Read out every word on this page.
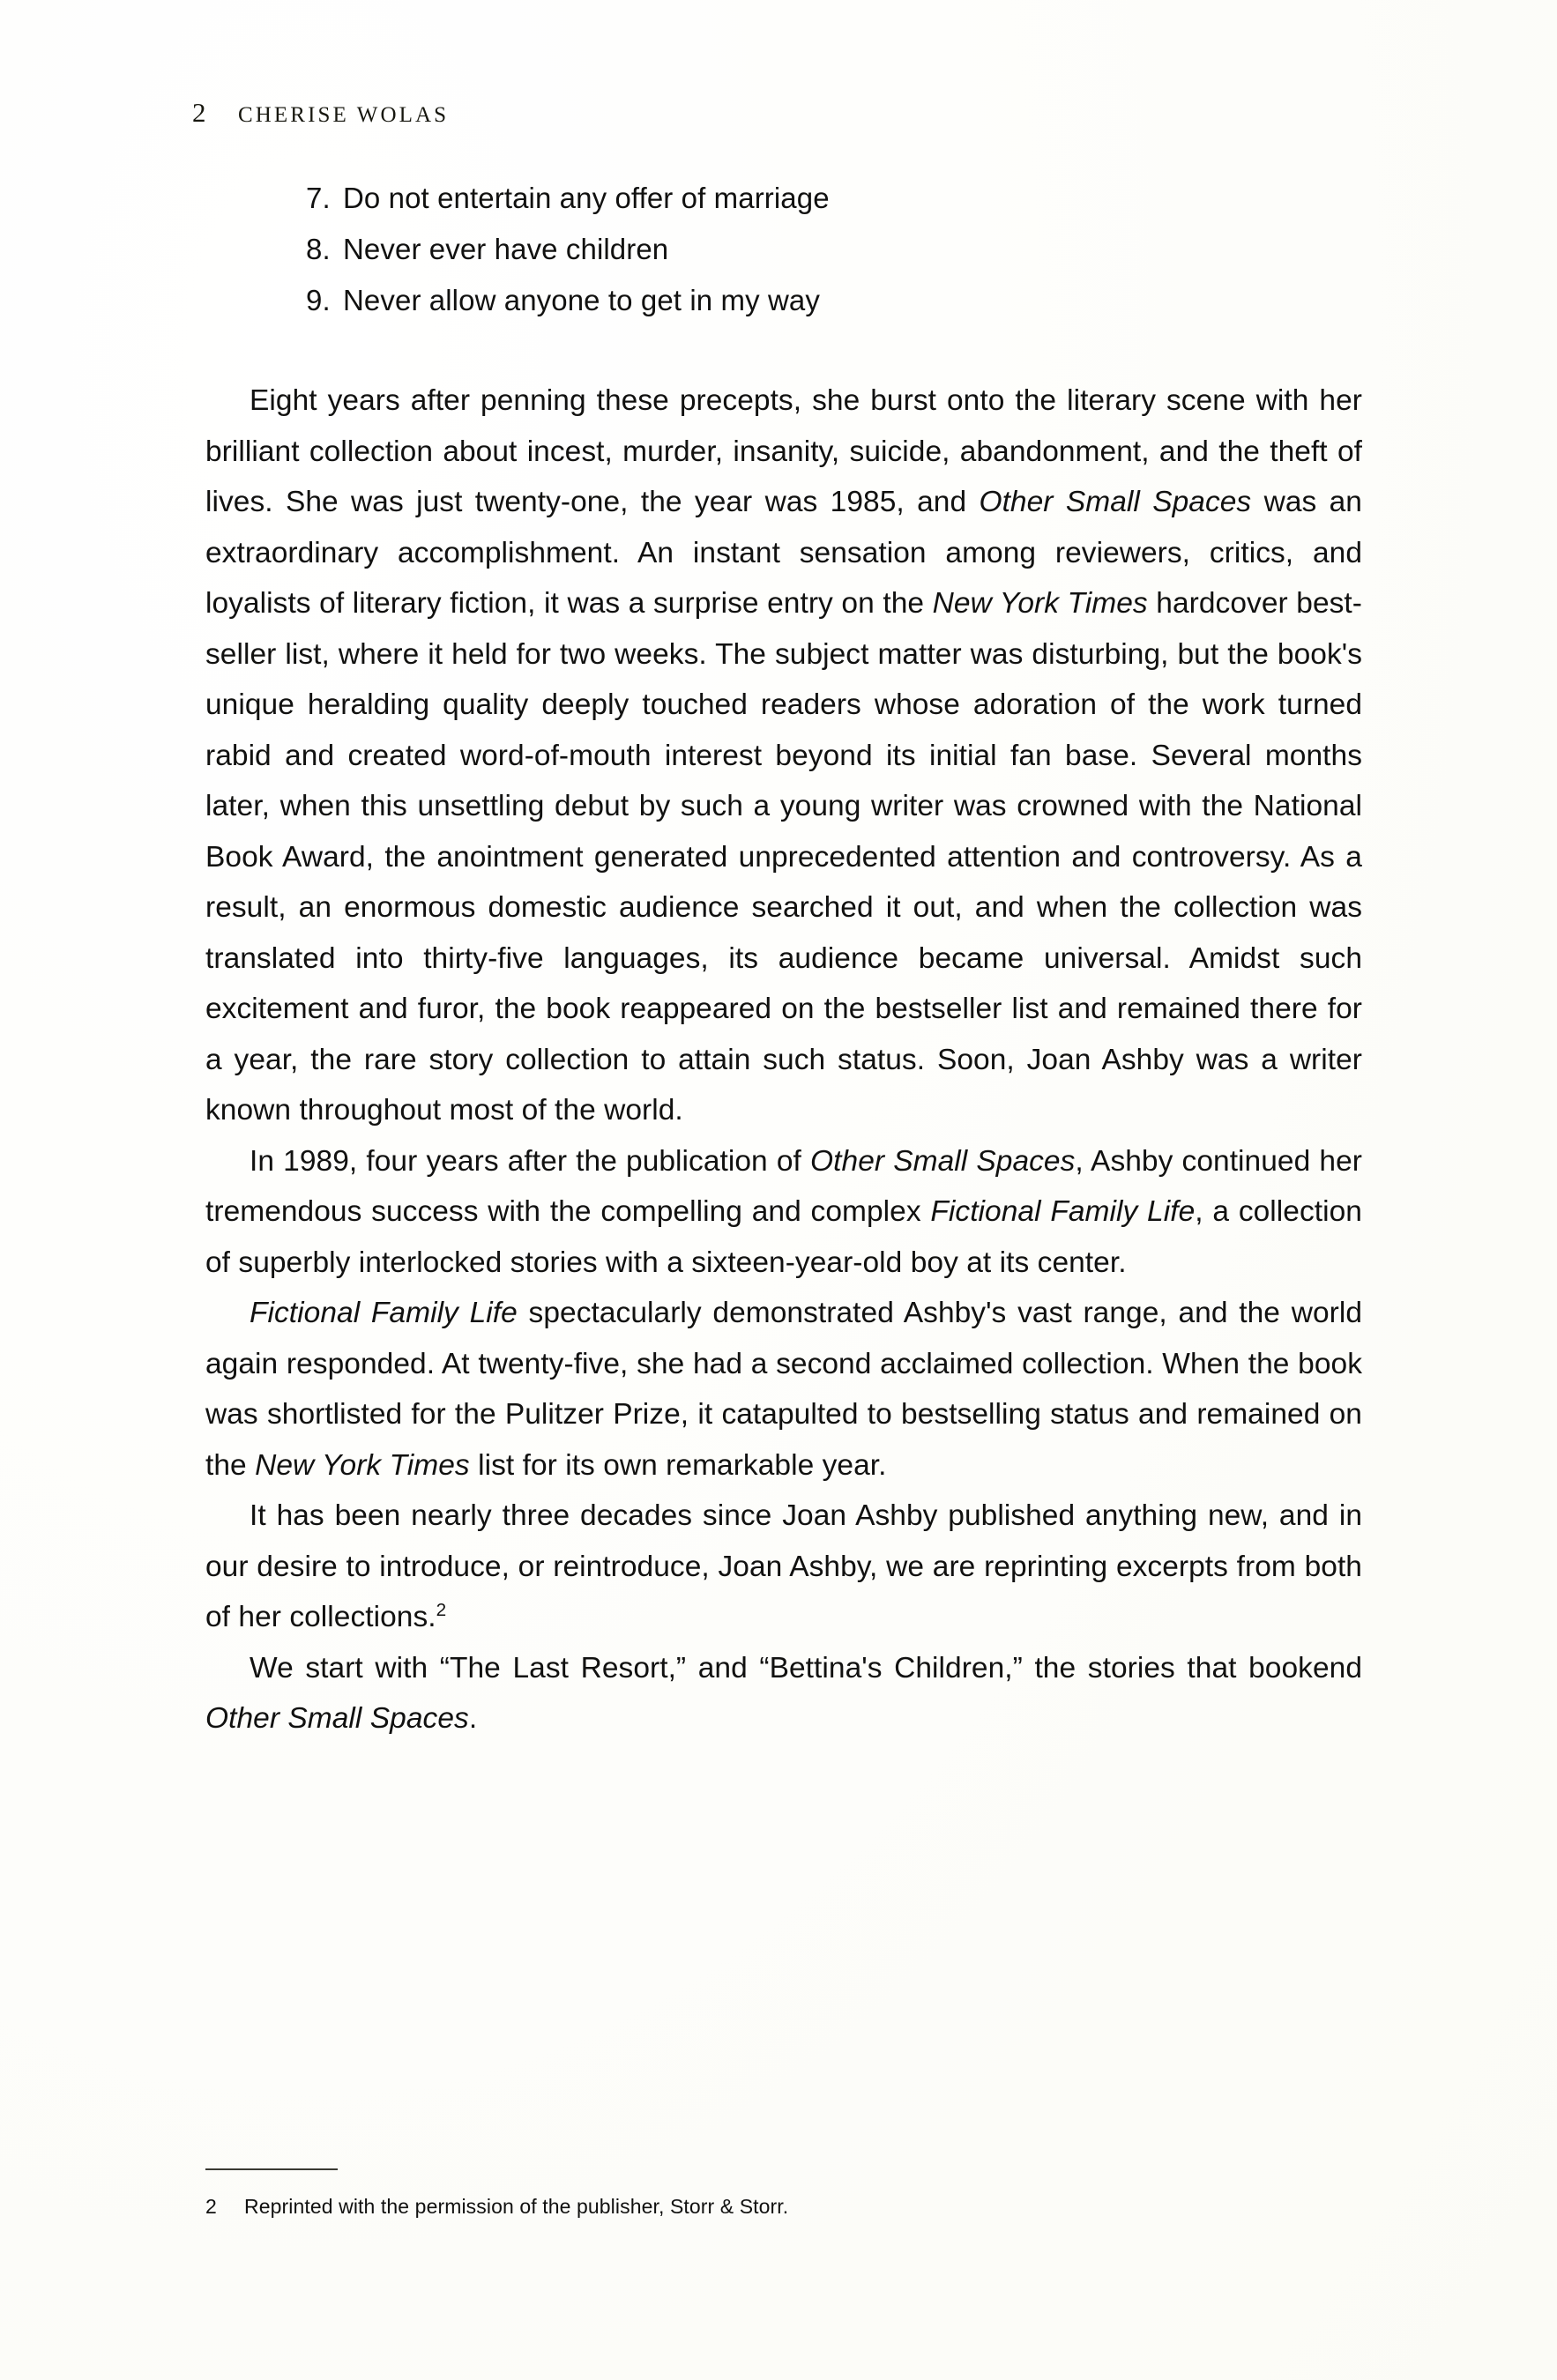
2 CHERISE WOLAS
7. Do not entertain any offer of marriage
8. Never ever have children
9. Never allow anyone to get in my way

Eight years after penning these precepts, she burst onto the literary scene with her brilliant collection about incest, murder, insanity, suicide, abandonment, and the theft of lives. She was just twenty-one, the year was 1985, and Other Small Spaces was an extraordinary accomplishment. An instant sensation among reviewers, critics, and loyalists of literary fiction, it was a surprise entry on the New York Times hardcover best-seller list, where it held for two weeks. The subject matter was disturbing, but the book's unique heralding quality deeply touched readers whose adoration of the work turned rabid and created word-of-mouth interest beyond its initial fan base. Several months later, when this unsettling debut by such a young writer was crowned with the National Book Award, the anointment generated unprecedented attention and controversy. As a result, an enormous domestic audience searched it out, and when the collection was translated into thirty-five languages, its audience became universal. Amidst such excitement and furor, the book reappeared on the bestseller list and remained there for a year, the rare story collection to attain such status. Soon, Joan Ashby was a writer known throughout most of the world.

In 1989, four years after the publication of Other Small Spaces, Ashby continued her tremendous success with the compelling and complex Fictional Family Life, a collection of superbly interlocked stories with a sixteen-year-old boy at its center.

Fictional Family Life spectacularly demonstrated Ashby's vast range, and the world again responded. At twenty-five, she had a second acclaimed collection. When the book was shortlisted for the Pulitzer Prize, it catapulted to bestselling status and remained on the New York Times list for its own remarkable year.

It has been nearly three decades since Joan Ashby published anything new, and in our desire to introduce, or reintroduce, Joan Ashby, we are reprinting excerpts from both of her collections.$^2$

We start with “The Last Resort,” and “Bettina's Children,” the stories that bookend Other Small Spaces.

2	Reprinted with the permission of the publisher, Storr & Storr.
